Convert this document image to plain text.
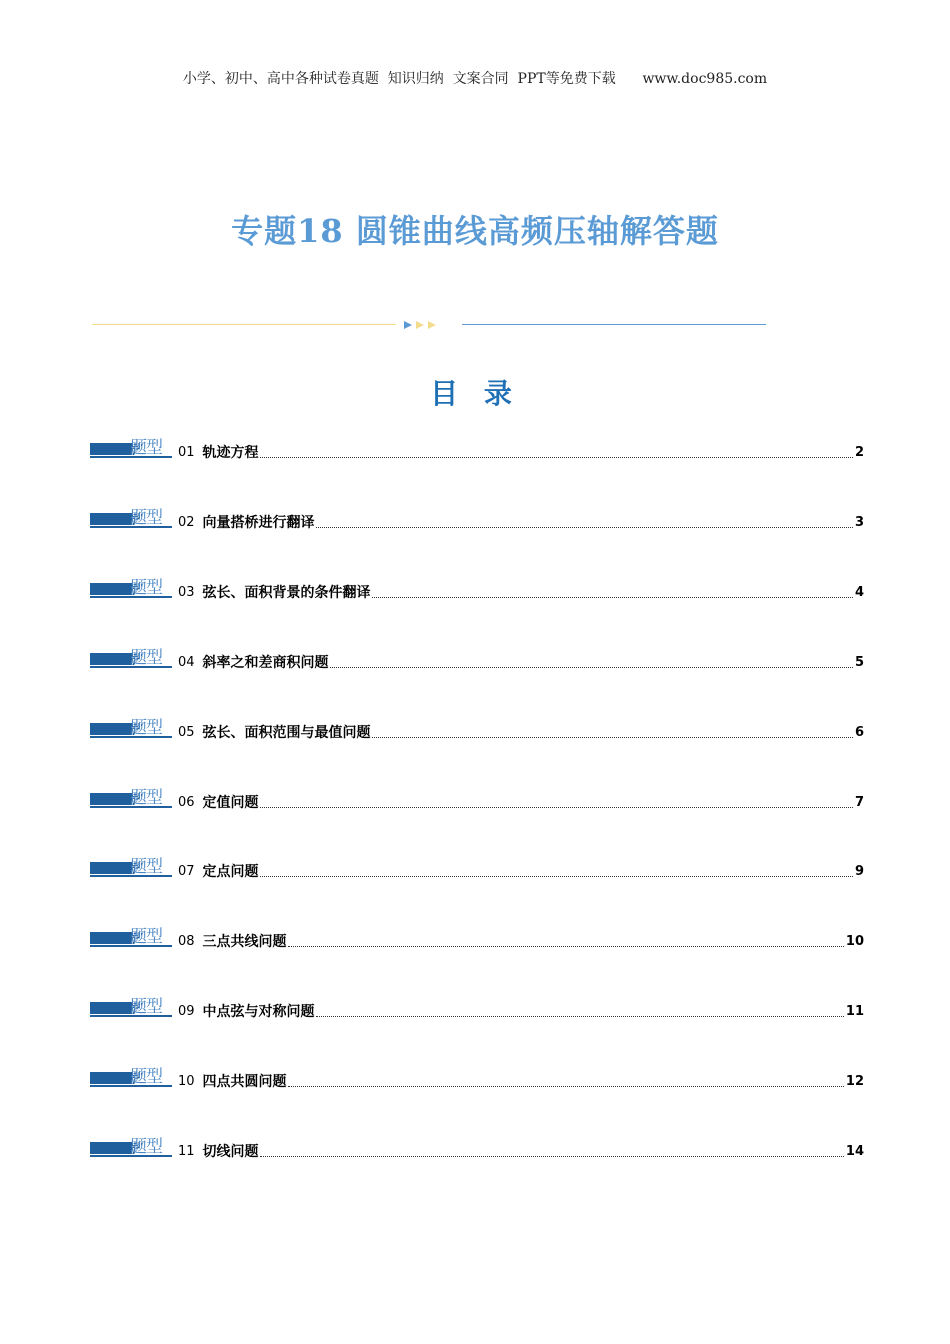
小学、初中、高中各种试卷真题  知识归纳  文案合同  PPT等免费下载      www.doc985.com
专题18 圆锥曲线高频压轴解答题
目 录
题型 01 轨迹方程	2
题型 02 向量搭桥进行翻译	3
题型 03 弦长、面积背景的条件翻译	4
题型 04 斜率之和差商积问题	5
题型 05 弦长、面积范围与最值问题	6
题型 06 定值问题	7
题型 07 定点问题	9
题型 08 三点共线问题	10
题型 09 中点弦与对称问题	11
题型 10 四点共圆问题	12
题型 11 切线问题	14
